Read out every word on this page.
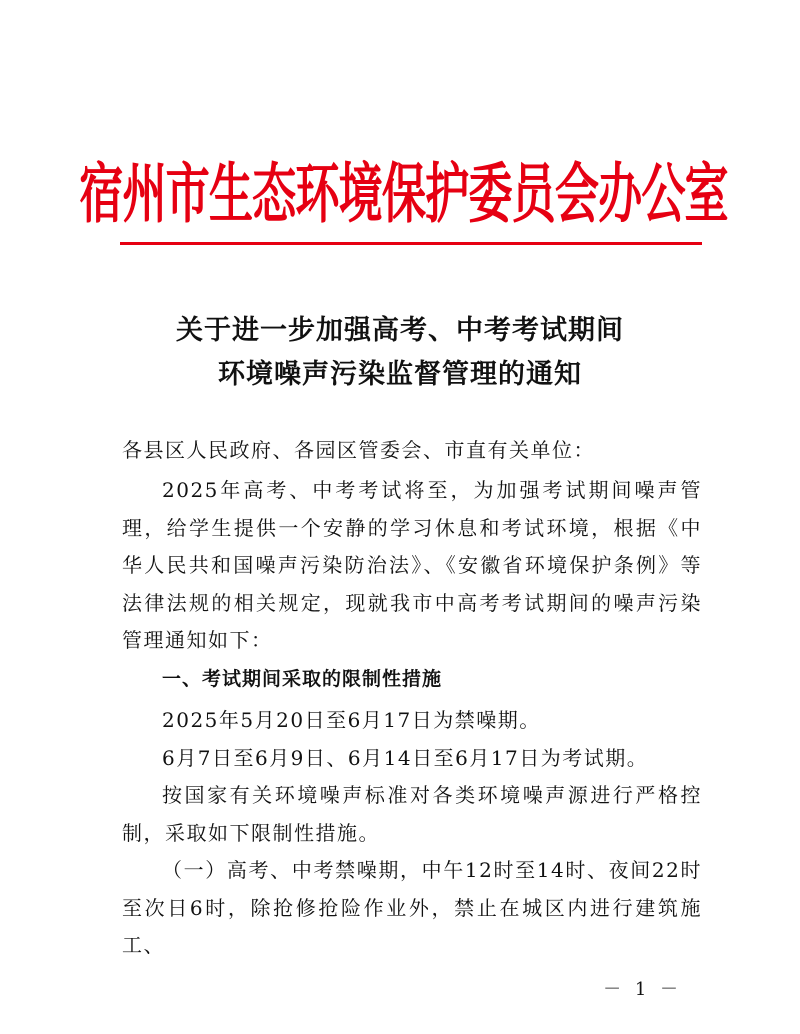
宿州市生态环境保护委员会办公室
关于进一步加强高考、中考考试期间
环境噪声污染监督管理的通知

各县区人民政府、各园区管委会、市直有关单位：

2025年高考、中考考试将至，为加强考试期间噪声管理，给学生提供一个安静的学习休息和考试环境，根据《中华人民共和国噪声污染防治法》、《安徽省环境保护条例》等法律法规的相关规定，现就我市中高考考试期间的噪声污染管理通知如下：

一、考试期间采取的限制性措施

2025年5月20日至6月17日为禁噪期。

6月7日至6月9日、6月14日至6月17日为考试期。

按国家有关环境噪声标准对各类环境噪声源进行严格控制，采取如下限制性措施。

（一）高考、中考禁噪期，中午12时至14时、夜间22时至次日6时，除抢修抢险作业外，禁止在城区内进行建筑施工、

－ 1 －
